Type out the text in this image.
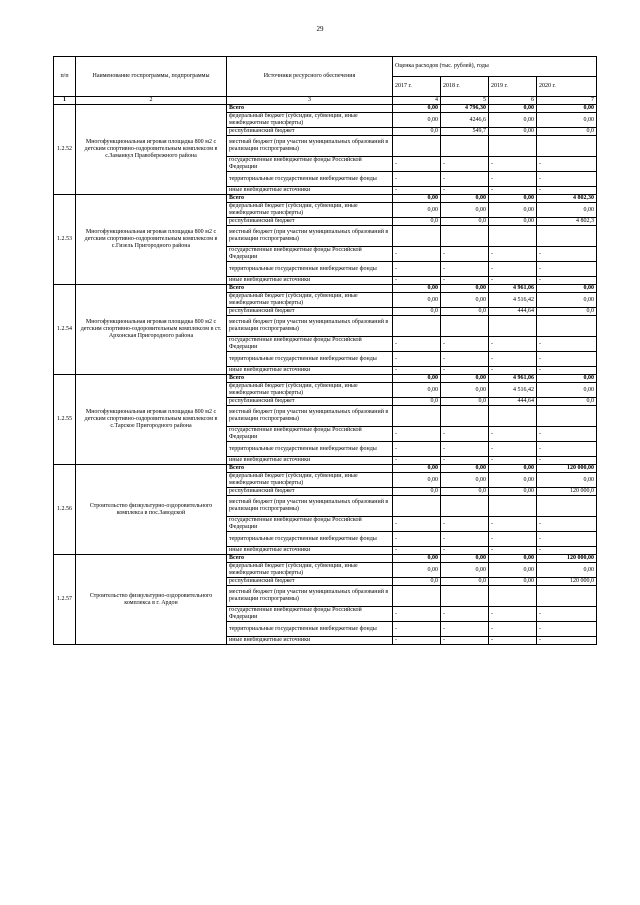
29
п/п	Наименование госпрограммы, подпрограммы	Источники ресурсного обеспечения	Оценка расходов (тыс. рублей), годы			
			2017 г.	2018 г.	2019 г.	2020 г.
1	2	3	4	5	6	7
1.2.52	Многофункциональная игровая площадка 800 м2 с детским спортивно-оздоровительным комплексом в с.Заманкул Правобережного района	Всего	0,00	4 796,30	0,00	0,00
		федеральный бюджет (субсидии, субвенции, иные межбюджетные трансферты)	0,00	4246,6	0,00	0,00
		республиканский бюджет	0,0	549,7	0,00	0,0
		местный бюджет (при участии муниципальных образований в реализации госпрограммы)				
		государственные внебюджетные фонды Российской Федерации	-	-	-	-
		территориальные государственные внебюджетные фонды	-	-	-	-
		иные внебюджетные источники	-	-	-	-
1.2.53	Многофункциональная игровая площадка 800 м2 с детским спортивно-оздоровительным комплексом в с.Гизель Пригородного района	Всего	0,00	0,00	0,00	4 802,30
		федеральный бюджет (субсидии, субвенции, иные межбюджетные трансферты)	0,00	0,00	0,00	0,00
		республиканский бюджет	0,0	0,0	0,00	4 802,3
		местный бюджет (при участии муниципальных образований в реализации госпрограммы)				
		государственные внебюджетные фонды Российской Федерации	-	-	-	-
		территориальные государственные внебюджетные фонды	-	-	-	-
		иные внебюджетные источники	-	-	-	-
1.2.54	Многофункциональная игровая площадка 800 м2 с детским спортивно-оздоровительным комплексом в ст. Архонская Пригородного района	Всего	0,00	0,00	4 961,06	0,00
		федеральный бюджет (субсидии, субвенции, иные межбюджетные трансферты)	0,00	0,00	4 516,42	0,00
		республиканский бюджет	0,0	0,0	444,64	0,0
		местный бюджет (при участии муниципальных образований в реализации госпрограммы)				
		государственные внебюджетные фонды Российской Федерации	-	-	-	-
		территориальные государственные внебюджетные фонды	-	-	-	-
		иные внебюджетные источники	-	-	-	-
1.2.55	Многофункциональная игровая площадка 800 м2 с детским спортивно-оздоровительным комплексом в с.Тарское Пригородного района	Всего	0,00	0,00	4 961,06	0,00
		федеральный бюджет (субсидии, субвенции, иные межбюджетные трансферты)	0,00	0,00	4 516,42	0,00
		республиканский бюджет	0,0	0,0	444,64	0,0
		местный бюджет (при участии муниципальных образований в реализации госпрограммы)				
		государственные внебюджетные фонды Российской Федерации	-	-	-	-
		территориальные государственные внебюджетные фонды	-	-	-	-
		иные внебюджетные источники	-	-	-	-
1.2.56	Строительство физкультурно-оздоровительного комплекса в пос.Заводской	Всего	0,00	0,00	0,00	120 000,00
		федеральный бюджет (субсидии, субвенции, иные межбюджетные трансферты)	0,00	0,00	0,00	0,00
		республиканский бюджет	0,0	0,0	0,00	120 000,0
		местный бюджет (при участии муниципальных образований в реализации госпрограммы)				
		государственные внебюджетные фонды Российской Федерации	-	-	-	-
		территориальные государственные внебюджетные фонды	-	-	-	-
		иные внебюджетные источники	-	-	-	-
1.2.57	Строительство физкультурно-оздоровительного комплекса в г. Ардон	Всего	0,00	0,00	0,00	120 000,00
		федеральный бюджет (субсидии, субвенции, иные межбюджетные трансферты)	0,00	0,00	0,00	0,00
		республиканский бюджет	0,0	0,0	0,00	120 000,0
		местный бюджет (при участии муниципальных образований в реализации госпрограммы)				
		государственные внебюджетные фонды Российской Федерации	-	-	-	-
		территориальные государственные внебюджетные фонды	-	-	-	-
		иные внебюджетные источники	-	-	-	-
